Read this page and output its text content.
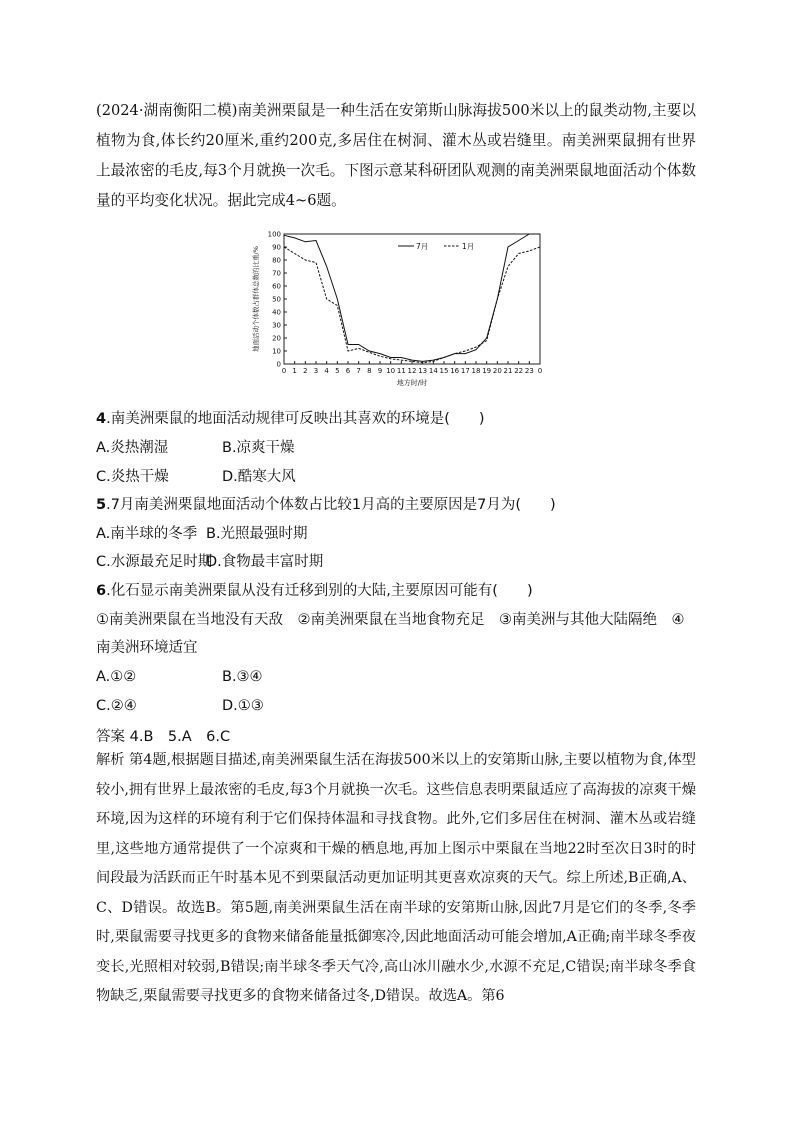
(2024·湖南衡阳二模)南美洲栗鼠是一种生活在安第斯山脉海拔500米以上的鼠类动物,主要以植物为食,体长约20厘米,重约200克,多居住在树洞、灌木丛或岩缝里。南美洲栗鼠拥有世界上最浓密的毛皮,每3个月就换一次毛。下图示意某科研团队观测的南美洲栗鼠地面活动个体数量的平均变化状况。据此完成4~6题。
0
10
20
30
40
50
60
70
80
90
100
0 1 2 3 4 5 6 7 8 9 10 11 12 13 14 15 16 17 18 19 20 21 22 23 0
地方时/时
地面活动个体数占群体总数的比重/%	7月	1月
4.南美洲栗鼠的地面活动规律可反映出其喜欢的环境是(　　)
A.炎热潮湿	B.凉爽干燥
C.炎热干燥	D.酷寒大风
5.7月南美洲栗鼠地面活动个体数占比较1月高的主要原因是7月为(　　)
A.南半球的冬季 B.光照最强时期
C.水源最充足时期
D.食物最丰富时期
6.化石显示南美洲栗鼠从没有迁移到别的大陆,主要原因可能有(　　)
①南美洲栗鼠在当地没有天敌　②南美洲栗鼠在当地食物充足　③南美洲与其他大陆隔绝　④
南美洲环境适宜
A.①②	B.③④
C.②④	D.①③
答案 4.B　5.A　6.C
解析 第4题,根据题目描述,南美洲栗鼠生活在海拔500米以上的安第斯山脉,主要以植物为食,体型较小,拥有世界上最浓密的毛皮,每3个月就换一次毛。这些信息表明栗鼠适应了高海拔的凉爽干燥环境,因为这样的环境有利于它们保持体温和寻找食物。此外,它们多居住在树洞、灌木丛或岩缝里,这些地方通常提供了一个凉爽和干燥的栖息地,再加上图示中栗鼠在当地22时至次日3时的时间段最为活跃而正午时基本见不到栗鼠活动更加证明其更喜欢凉爽的天气。综上所述,B正确,A、C、D错误。故选B。第5题,南美洲栗鼠生活在南半球的安第斯山脉,因此7月是它们的冬季,冬季时,栗鼠需要寻找更多的食物来储备能量抵御寒冷,因此地面活动可能会增加,A正确;南半球冬季夜变长,光照相对较弱,B错误;南半球冬季天气冷,高山冰川融水少,水源不充足,C错误;南半球冬季食物缺乏,栗鼠需要寻找更多的食物来储备过冬,D错误。故选A。第6
